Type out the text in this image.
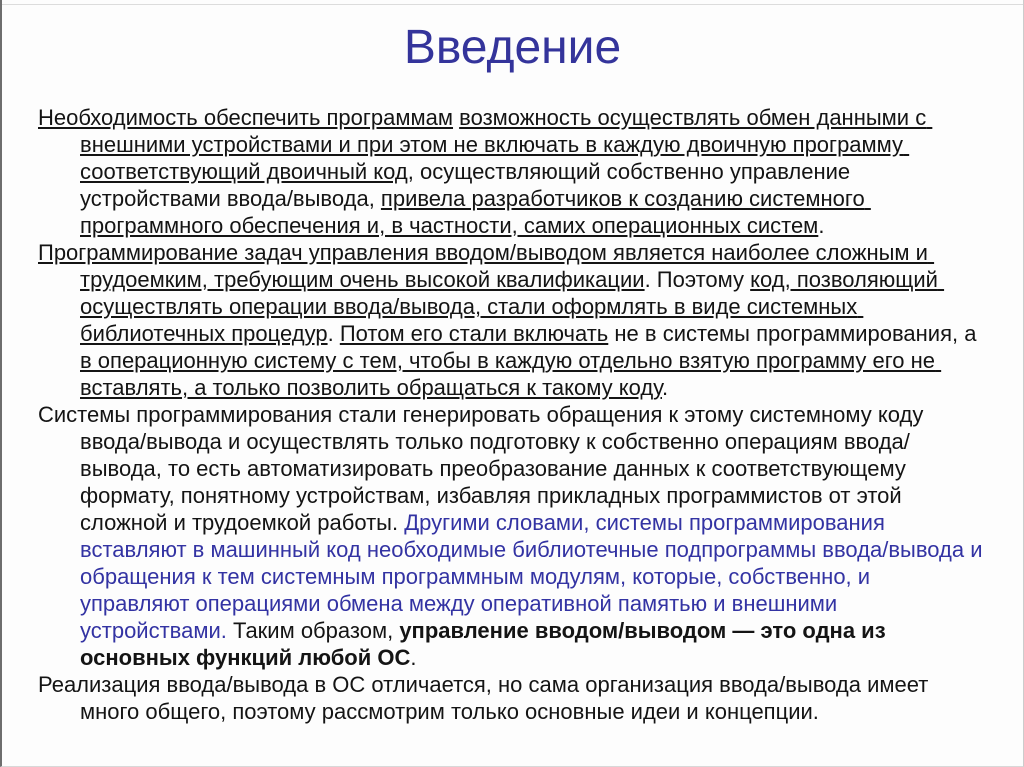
Введение

Необходимость обеспечить программам возможность осуществлять обмен данными с внешними устройствами и при этом не включать в каждую двоичную программу соответствующий двоичный код, осуществляющий собственно управление устройствами ввода/вывода, привела разработчиков к созданию системного программного обеспечения и, в частности, самих операционных систем.

Программирование задач управления вводом/выводом является наиболее сложным и трудоемким, требующим очень высокой квалификации. Поэтому код, позволяющий осуществлять операции ввода/вывода, стали оформлять в виде системных библиотечных процедур. Потом его стали включать не в системы программирования, а в операционную систему с тем, чтобы в каждую отдельно взятую программу его не вставлять, а только позволить обращаться к такому коду.

Системы программирования стали генерировать обращения к этому системному коду ввода/вывода и осуществлять только подготовку к собственно операциям ввода/вывода, то есть автоматизировать преобразование данных к соответствующему формату, понятному устройствам, избавляя прикладных программистов от этой сложной и трудоемкой работы. Другими словами, системы программирования вставляют в машинный код необходимые библиотечные подпрограммы ввода/вывода и обращения к тем системным программным модулям, которые, собственно, и управляют операциями обмена между оперативной памятью и внешними устройствами. Таким образом, управление вводом/выводом — это одна из основных функций любой ОС.

Реализация ввода/вывода в ОС отличается, но сама организация ввода/вывода имеет много общего, поэтому рассмотрим только основные идеи и концепции.
